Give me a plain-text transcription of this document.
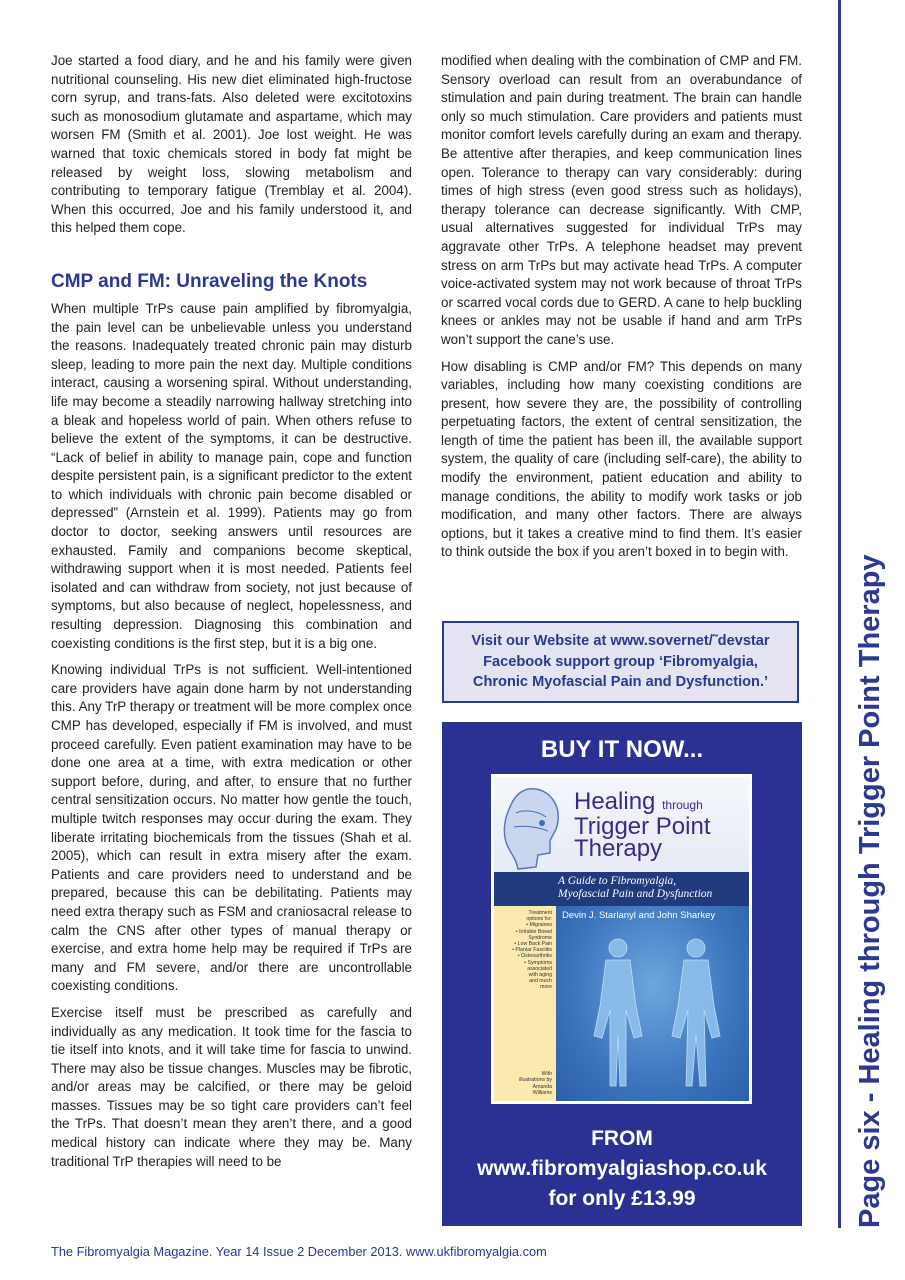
Joe started a food diary, and he and his family were given nutritional counseling. His new diet eliminated high-fructose corn syrup, and trans-fats. Also deleted were excitotoxins such as monosodium glutamate and aspartame, which may worsen FM (Smith et al. 2001). Joe lost weight. He was warned that toxic chemicals stored in body fat might be released by weight loss, slowing metabolism and contributing to temporary fatigue (Tremblay et al. 2004). When this occurred, Joe and his family understood it, and this helped them cope.

CMP and FM: Unraveling the Knots

When multiple TrPs cause pain amplified by fibromyalgia, the pain level can be unbelievable unless you understand the reasons. Inadequately treated chronic pain may disturb sleep, leading to more pain the next day. Multiple conditions interact, causing a worsening spiral. Without understanding, life may become a steadily narrowing hallway stretching into a bleak and hopeless world of pain. When others refuse to believe the extent of the symptoms, it can be destructive. “Lack of belief in ability to manage pain, cope and function despite persistent pain, is a significant predictor to the extent to which individuals with chronic pain become disabled or depressed” (Arnstein et al. 1999). Patients may go from doctor to doctor, seeking answers until resources are exhausted. Family and companions become skeptical, withdrawing support when it is most needed. Patients feel isolated and can withdraw from society, not just because of symptoms, but also because of neglect, hopelessness, and resulting depression. Diagnosing this combination and coexisting conditions is the first step, but it is a big one.

Knowing individual TrPs is not sufficient. Well-intentioned care providers have again done harm by not understanding this. Any TrP therapy or treatment will be more complex once CMP has developed, especially if FM is involved, and must proceed carefully. Even patient examination may have to be done one area at a time, with extra medication or other support before, during, and after, to ensure that no further central sensitization occurs. No matter how gentle the touch, multiple twitch responses may occur during the exam. They liberate irritating biochemicals from the tissues (Shah et al. 2005), which can result in extra misery after the exam. Patients and care providers need to understand and be prepared, because this can be debilitating. Patients may need extra therapy such as FSM and craniosacral release to calm the CNS after other types of manual therapy or exercise, and extra home help may be required if TrPs are many and FM severe, and/or there are uncontrollable coexisting conditions.

Exercise itself must be prescribed as carefully and individually as any medication. It took time for the fascia to tie itself into knots, and it will take time for fascia to unwind. There may also be tissue changes. Muscles may be fibrotic, and/or areas may be calcified, or there may be geloid masses. Tissues may be so tight care providers can’t feel the TrPs. That doesn’t mean they aren’t there, and a good medical history can indicate where they may be. Many traditional TrP therapies will need to be

modified when dealing with the combination of CMP and FM. Sensory overload can result from an overabundance of stimulation and pain during treatment. The brain can handle only so much stimulation. Care providers and patients must monitor comfort levels carefully during an exam and therapy. Be attentive after therapies, and keep communication lines open. Tolerance to therapy can vary considerably: during times of high stress (even good stress such as holidays), therapy tolerance can decrease significantly. With CMP, usual alternatives suggested for individual TrPs may aggravate other TrPs. A telephone headset may prevent stress on arm TrPs but may activate head TrPs. A computer voice-activated system may not work because of throat TrPs or scarred vocal cords due to GERD. A cane to help buckling knees or ankles may not be usable if hand and arm TrPs won’t support the cane’s use.

How disabling is CMP and/or FM? This depends on many variables, including how many coexisting conditions are present, how severe they are, the possibility of controlling perpetuating factors, the extent of central sensitization, the length of time the patient has been ill, the available support system, the quality of care (including self-care), the ability to modify the environment, patient education and ability to manage conditions, the ability to modify work tasks or job modification, and many other factors. There are always options, but it takes a creative mind to find them. It’s easier to think outside the box if you aren’t boxed in to begin with.

Visit our Website at www.sovernet/˜devstar
Facebook support group ‘Fibromyalgia,
Chronic Myofascial Pain and Dysfunction.’
BUY IT NOW...
Healing through
Trigger Point
Therapy
A Guide to Fibromyalgia,
Myofascial Pain and Dysfunction
Devin J. Starlanyl and John Sharkey
Treatment
options for:
• Migraines
• Irritable Bowel
Syndrome
• Low Back Pain
• Plantar Fasciitis
• Osteoarthritis
• Symptoms
associated
with aging
and much
more
With
illustrations by
Amanda
Williams
FROM
www.fibromyalgiashop.co.uk
for only £13.99	Page six - Healing through Trigger Point Therapy
The Fibromyalgia Magazine. Year 14 Issue 2 December 2013. www.ukfibromyalgia.com
